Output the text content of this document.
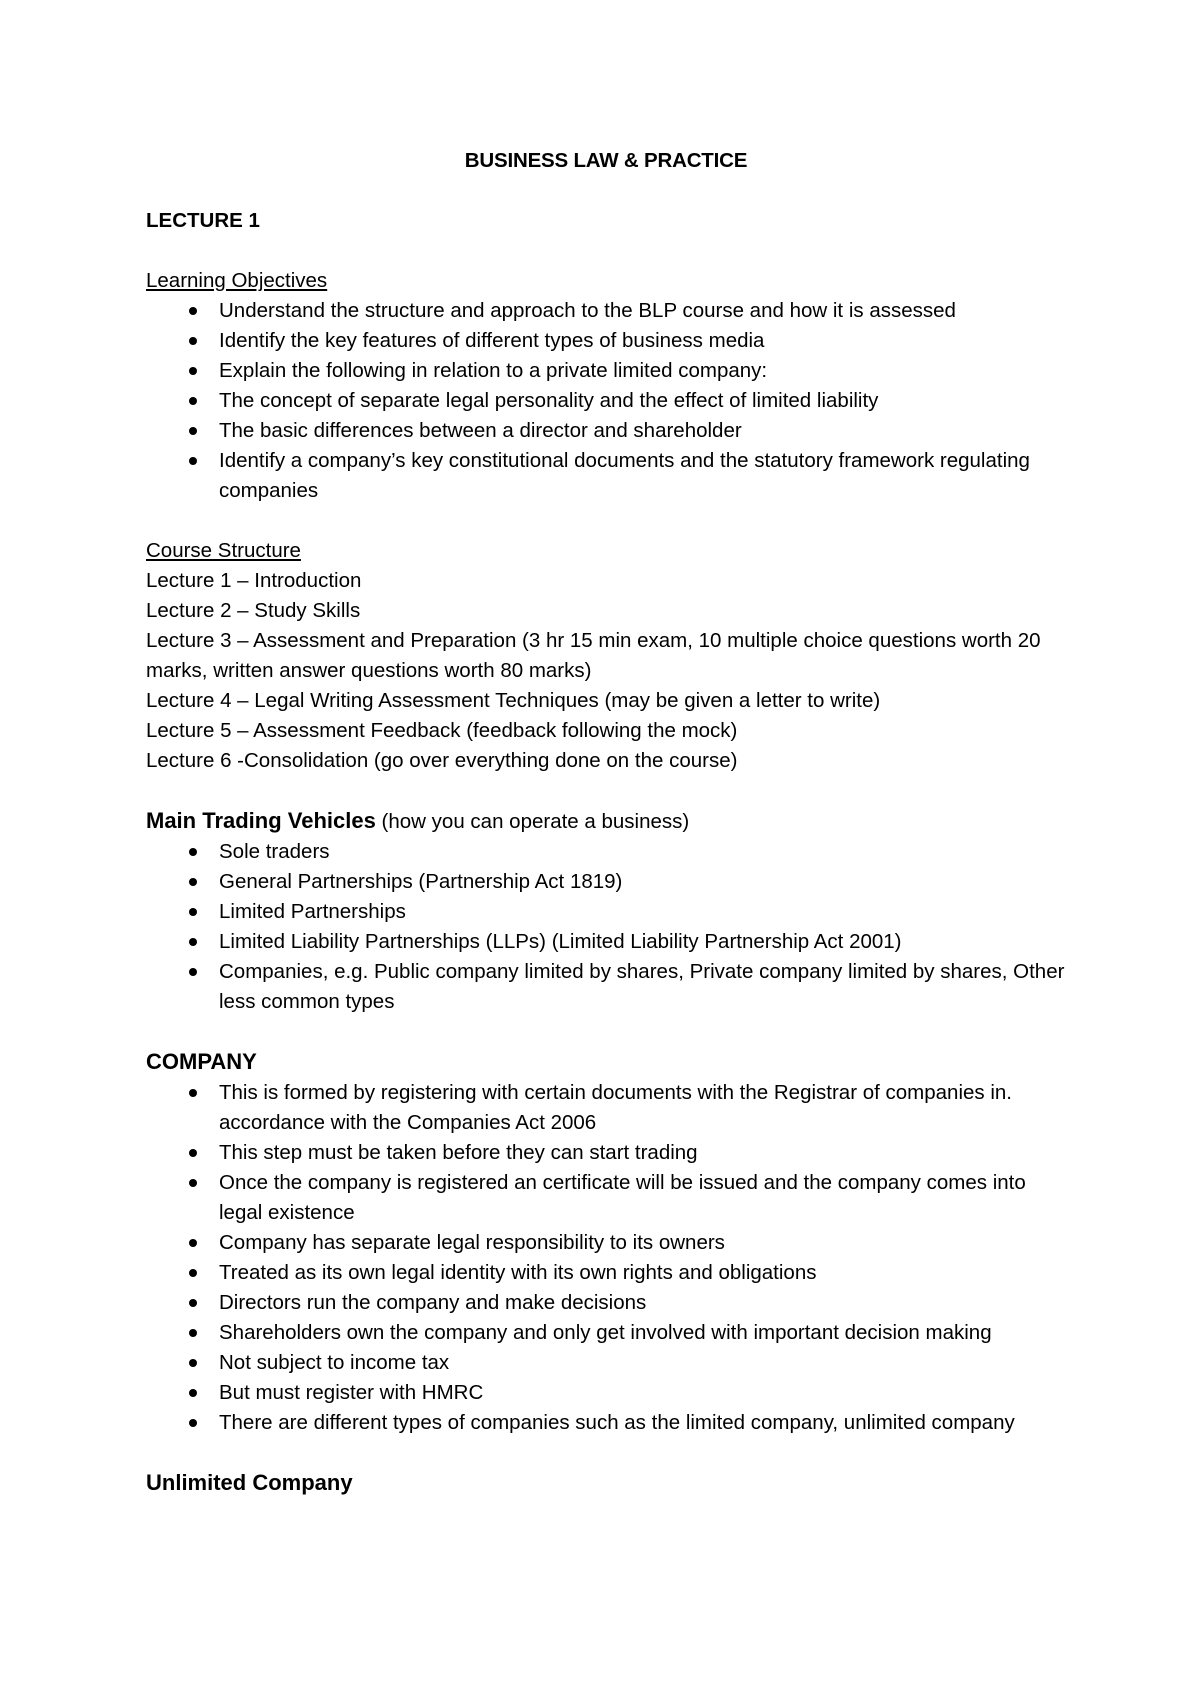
BUSINESS LAW & PRACTICE

LECTURE 1

Learning Objectives

Understand the structure and approach to the BLP course and how it is assessed
Identify the key features of different types of business media
Explain the following in relation to a private limited company:
The concept of separate legal personality and the effect of limited liability
The basic differences between a director and shareholder
Identify a company’s key constitutional documents and the statutory framework regulating companies

Course Structure

Lecture 1 – Introduction

Lecture 2 – Study Skills

Lecture 3 – Assessment and Preparation (3 hr 15 min exam, 10 multiple choice questions worth 20 marks, written answer questions worth 80 marks)

Lecture 4 – Legal Writing Assessment Techniques (may be given a letter to write)

Lecture 5 – Assessment Feedback (feedback following the mock)

Lecture 6 -Consolidation (go over everything done on the course)

Main Trading Vehicles (how you can operate a business)

Sole traders
General Partnerships (Partnership Act 1819)
Limited Partnerships
Limited Liability Partnerships (LLPs) (Limited Liability Partnership Act 2001)
Companies, e.g. Public company limited by shares, Private company limited by shares, Other less common types

COMPANY

This is formed by registering with certain documents with the Registrar of companies in. accordance with the Companies Act 2006
This step must be taken before they can start trading
Once the company is registered an certificate will be issued and the company comes into legal existence
Company has separate legal responsibility to its owners
Treated as its own legal identity with its own rights and obligations
Directors run the company and make decisions
Shareholders own the company and only get involved with important decision making
Not subject to income tax
But must register with HMRC
There are different types of companies such as the limited company, unlimited company

Unlimited Company
